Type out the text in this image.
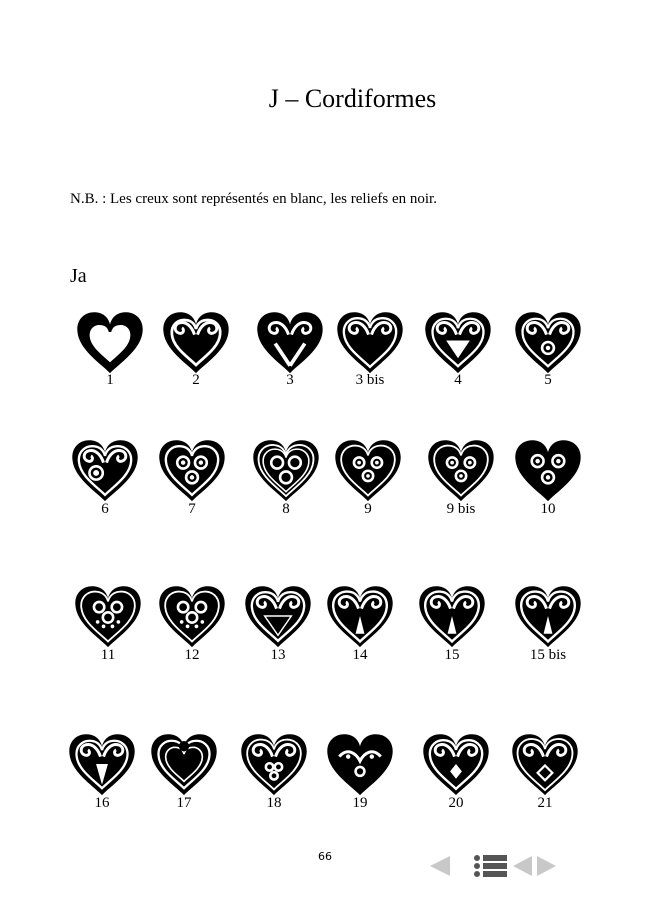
J – Cordiformes
N.B. : Les creux sont représentés en blanc, les reliefs en noir.
Ja
1	2	3	3 bis	4	5
6	7	8	9	9 bis	10
11	12	13	14	15	15 bis
16	17	18	19	20	21
66
